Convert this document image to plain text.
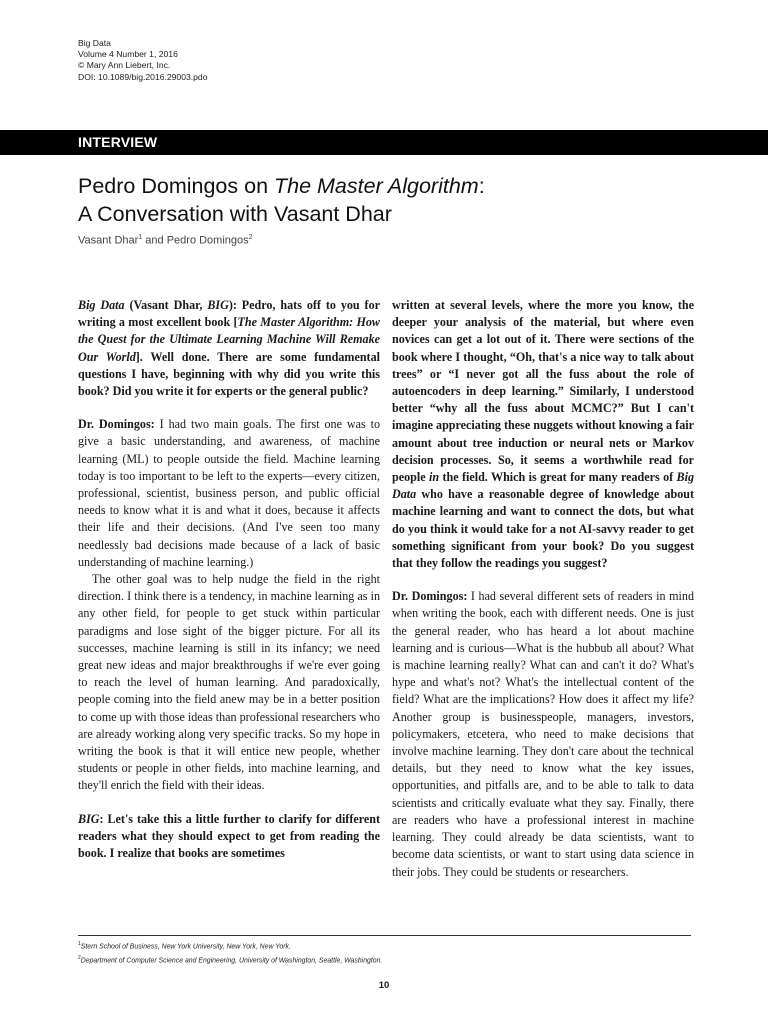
Big Data
Volume 4 Number 1, 2016
© Mary Ann Liebert, Inc.
DOI: 10.1089/big.2016.29003.pdo
INTERVIEW
Pedro Domingos on The Master Algorithm:
A Conversation with Vasant Dhar
Vasant Dhar$^1$ and Pedro Domingos$^2$

Big Data (Vasant Dhar, BIG): Pedro, hats off to you for writing a most excellent book [The Master Algorithm: How the Quest for the Ultimate Learning Machine Will Remake Our World]. Well done. There are some fundamental questions I have, beginning with why did you write this book? Did you write it for experts or the general public?

Dr. Domingos: I had two main goals. The first one was to give a basic understanding, and awareness, of machine learning (ML) to people outside the field. Machine learning today is too important to be left to the experts—every citizen, professional, scientist, business person, and public official needs to know what it is and what it does, because it affects their life and their decisions. (And I've seen too many needlessly bad decisions made because of a lack of basic understanding of machine learning.)

The other goal was to help nudge the field in the right direction. I think there is a tendency, in machine learning as in any other field, for people to get stuck within particular paradigms and lose sight of the bigger picture. For all its successes, machine learning is still in its infancy; we need great new ideas and major breakthroughs if we're ever going to reach the level of human learning. And paradoxically, people coming into the field anew may be in a better position to come up with those ideas than professional researchers who are already working along very specific tracks. So my hope in writing the book is that it will entice new people, whether students or people in other fields, into machine learning, and they'll enrich the field with their ideas.

BIG: Let's take this a little further to clarify for different readers what they should expect to get from reading the book. I realize that books are sometimes

written at several levels, where the more you know, the deeper your analysis of the material, but where even novices can get a lot out of it. There were sections of the book where I thought, “Oh, that's a nice way to talk about trees” or “I never got all the fuss about the role of autoencoders in deep learning.” Similarly, I understood better “why all the fuss about MCMC?” But I can't imagine appreciating these nuggets without knowing a fair amount about tree induction or neural nets or Markov decision processes. So, it seems a worthwhile read for people in the field. Which is great for many readers of Big Data who have a reasonable degree of knowledge about machine learning and want to connect the dots, but what do you think it would take for a not AI-savvy reader to get something significant from your book? Do you suggest that they follow the readings you suggest?

Dr. Domingos: I had several different sets of readers in mind when writing the book, each with different needs. One is just the general reader, who has heard a lot about machine learning and is curious—What is the hubbub all about? What is machine learning really? What can and can't it do? What's hype and what's not? What's the intellectual content of the field? What are the implications? How does it affect my life? Another group is businesspeople, managers, investors, policymakers, etcetera, who need to make decisions that involve machine learning. They don't care about the technical details, but they need to know what the key issues, opportunities, and pitfalls are, and to be able to talk to data scientists and critically evaluate what they say. Finally, there are readers who have a professional interest in machine learning. They could already be data scientists, want to become data scientists, or want to start using data science in their jobs. They could be students or researchers.

$^1$Stern School of Business, New York University, New York, New York.
$^2$Department of Computer Science and Engineering, University of Washington, Seattle, Washington.
10
